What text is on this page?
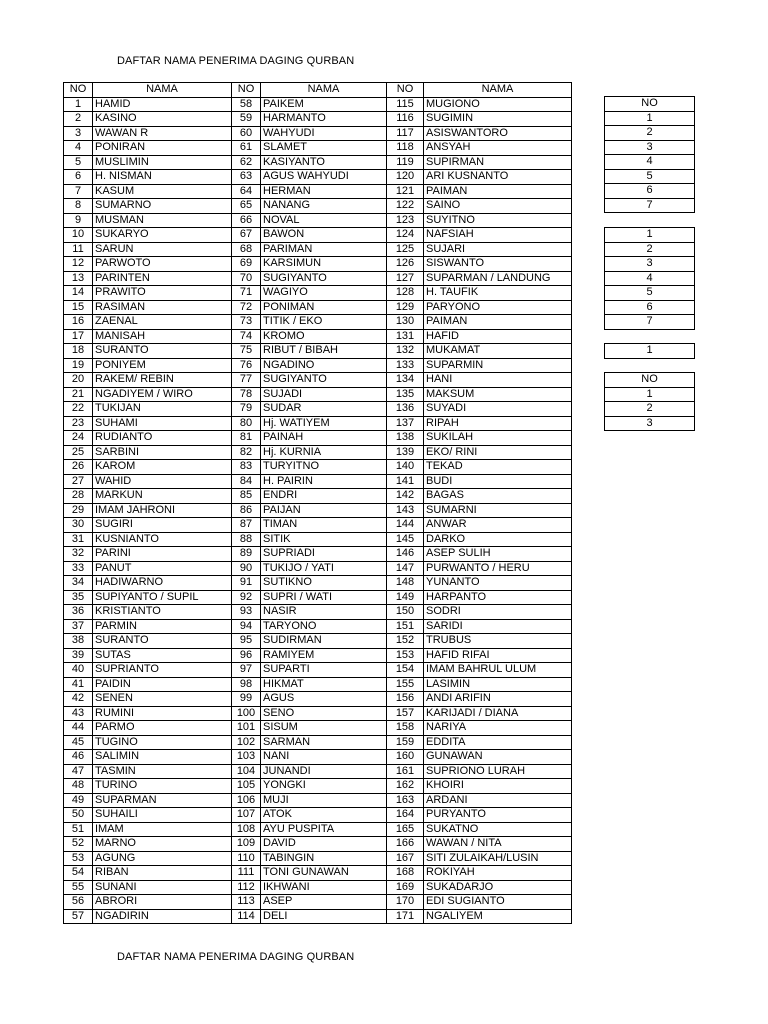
DAFTAR NAMA PENERIMA DAGING QURBAN
NO	NAMA	NO	NAMA	NO	NAMA
1	HAMID	58	PAIKEM	115	MUGIONO
2	KASINO	59	HARMANTO	116	SUGIMIN
3	WAWAN R	60	WAHYUDI	117	ASISWANTORO
4	PONIRAN	61	SLAMET	118	ANSYAH
5	MUSLIMIN	62	KASIYANTO	119	SUPIRMAN
6	H. NISMAN	63	AGUS WAHYUDI	120	ARI KUSNANTO
7	KASUM	64	HERMAN	121	PAIMAN
8	SUMARNO	65	NANANG	122	SAINO
9	MUSMAN	66	NOVAL	123	SUYITNO
10	SUKARYO	67	BAWON	124	NAFSIAH
11	SARUN	68	PARIMAN	125	SUJARI
12	PARWOTO	69	KARSIMUN	126	SISWANTO
13	PARINTEN	70	SUGIYANTO	127	SUPARMAN / LANDUNG
14	PRAWITO	71	WAGIYO	128	H. TAUFIK
15	RASIMAN	72	PONIMAN	129	PARYONO
16	ZAENAL	73	TITIK / EKO	130	PAIMAN
17	MANISAH	74	KROMO	131	HAFID
18	SURANTO	75	RIBUT / BIBAH	132	MUKAMAT
19	PONIYEM	76	NGADINO	133	SUPARMIN
20	RAKEM/ REBIN	77	SUGIYANTO	134	HANI
21	NGADIYEM / WIRO	78	SUJADI	135	MAKSUM
22	TUKIJAN	79	SUDAR	136	SUYADI
23	SUHAMI	80	Hj. WATIYEM	137	RIPAH
24	RUDIANTO	81	PAINAH	138	SUKILAH
25	SARBINI	82	Hj. KURNIA	139	EKO/ RINI
26	KAROM	83	TURYITNO	140	TEKAD
27	WAHID	84	H. PAIRIN	141	BUDI
28	MARKUN	85	ENDRI	142	BAGAS
29	IMAM JAHRONI	86	PAIJAN	143	SUMARNI
30	SUGIRI	87	TIMAN	144	ANWAR
31	KUSNIANTO	88	SITIK	145	DARKO
32	PARINI	89	SUPRIADI	146	ASEP SULIH
33	PANUT	90	TUKIJO / YATI	147	PURWANTO / HERU
34	HADIWARNO	91	SUTIKNO	148	YUNANTO
35	SUPIYANTO / SUPIL	92	SUPRI / WATI	149	HARPANTO
36	KRISTIANTO	93	NASIR	150	SODRI
37	PARMIN	94	TARYONO	151	SARIDI
38	SURANTO	95	SUDIRMAN	152	TRUBUS
39	SUTAS	96	RAMIYEM	153	HAFID RIFAI
40	SUPRIANTO	97	SUPARTI	154	IMAM BAHRUL ULUM
41	PAIDIN	98	HIKMAT	155	LASIMIN
42	SENEN	99	AGUS	156	ANDI ARIFIN
43	RUMINI	100	SENO	157	KARIJADI / DIANA
44	PARMO	101	SISUM	158	NARIYA
45	TUGINO	102	SARMAN	159	EDDITA
46	SALIMIN	103	NANI	160	GUNAWAN
47	TASMIN	104	JUNANDI	161	SUPRIONO LURAH
48	TURINO	105	YONGKI	162	KHOIRI
49	SUPARMAN	106	MUJI	163	ARDANI
50	SUHAILI	107	ATOK	164	PURYANTO
51	IMAM	108	AYU PUSPITA	165	SUKATNO
52	MARNO	109	DAVID	166	WAWAN / NITA
53	AGUNG	110	TABINGIN	167	SITI ZULAIKAH/LUSIN
54	RIBAN	111	TONI GUNAWAN	168	ROKIYAH
55	SUNANI	112	IKHWANI	169	SUKADARJO
56	ABRORI	113	ASEP	170	EDI SUGIANTO
57	NGADIRIN	114	DELI	171	NGALIYEM
NO
1
2
3
4
5
6
7
1
2
3
4
5
6
7
1
NO
1
2
3
DAFTAR NAMA PENERIMA DAGING QURBAN
